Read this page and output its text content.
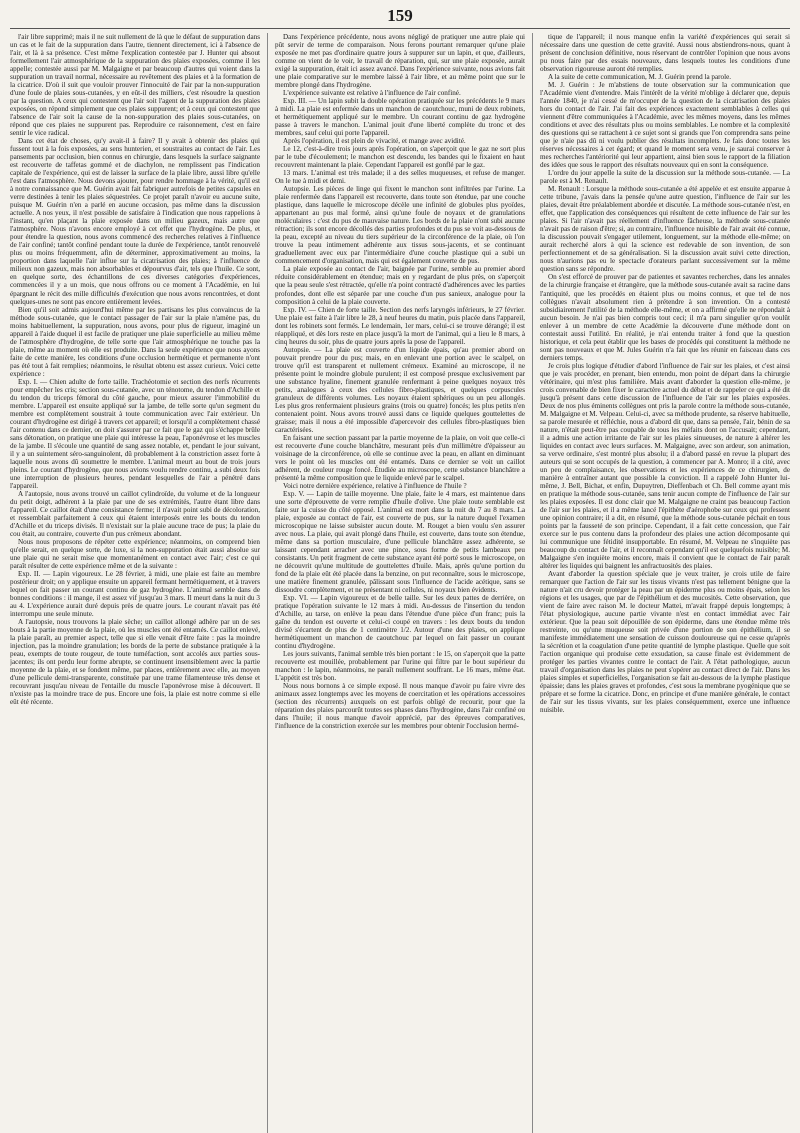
159

l'air libre supprimé; mais il ne suit nullement de là que le défaut de suppuration dans un cas et le fait de la suppuration dans l'autre, tiennent directement, ici à l'absence de l'air, et là à sa présence. C'est même l'explication contestée par J. Hunter qui absout formellement l'air atmosphérique de la suppuration des plaies exposées, comme il les appelle; contestée aussi par M. Malgaigne et par beaucoup d'autres qui voient dans la suppuration un travail normal, nécessaire au revêtement des plaies et à la formation de la cicatrice. D'où il suit que vouloir prouver l'innocuité de l'air par la non-suppuration d'une foule de plaies sous-cutanées, y en eût-il des milliers, c'est résoudre la question par la question. A ceux qui contestent que l'air soit l'agent de la suppuration des plaies exposées, on répond simplement que ces plaies suppurent; et à ceux qui contestent que l'absence de l'air soit la cause de la non-suppuration des plaies sous-cutanées, on répond que ces plaies ne suppurent pas. Reproduire ce raisonnement, c'est en faire sentir le vice radical.

Dans cet état de choses, qu'y avait-il à faire? Il y avait à obtenir des plaies qui fussent tout à la fois exposées, au sens hunterien, et soustraites au contact de l'air. Les pansements par occlusion, bien connus en chirurgie, dans lesquels la surface saignante est recouverte de taffetas gommé et de diachylon, ne remplissent pas l'indication capitale de l'expérience, qui est de laisser la surface de la plaie libre, aussi libre qu'elle l'est dans l'atmosphère. Nous devons ajouter, pour rendre hommage à la vérité, qu'il est à notre connaissance que M. Guérin avait fait fabriquer autrefois de petites capsules en verre destinées à tenir les plaies séquestrées. Ce projet paraît n'avoir eu aucune suite, puisque M. Guérin n'en a parlé en aucune occasion, pas même dans la discussion actuelle. A nos yeux, il n'est possible de satisfaire à l'indication que nous rappelions à l'instant, qu'en plaçant la plaie exposée dans un milieu gazeux, mais autre que l'atmosphère. Nous n'avons encore employé à cet effet que l'hydrogène. De plus, et pour étendre la question, nous avons commencé des recherches relatives à l'influence de l'air confiné; tantôt confiné pendant toute la durée de l'expérience, tantôt renouvelé plus ou moins fréquemment, afin de déterminer, approximativement au moins, la proportion dans laquelle l'air influe sur la cicatrisation des plaies; à l'influence de milieux non gazeux, mais non absorbables et dépourvus d'air, tels que l'huile. Ce sont, en quelque sorte, des échantillons de ces diverses catégories d'expériences, commencées il y a un mois, que nous offrons ou ce moment à l'Académie, en lui épargnant le récit des mille difficultés d'exécution que nous avons rencontrées, et dont quelques-unes ne sont pas encore entièrement levées.

Bien qu'il soit admis aujourd'hui même par les partisans les plus convaincus de la méthode sous-cutanée, que le contact passager de l'air sur la plaie n'amène pas, du moins habituellement, la suppuration, nous avons, pour plus de rigueur, imaginé un appareil à l'aide duquel il est facile de pratiquer une plaie superficielle au milieu même de l'atmosphère d'hydrogène, de telle sorte que l'air atmosphérique ne touche pas la plaie, même au moment où elle est produite. Dans la seule expérience que nous ayons faite de cette manière, les conditions d'une occlusion hermétique et permanente n'ont pas été tout à fait remplies; néanmoins, le résultat obtenu est assez curieux. Voici cette expérience :

Exp. I. — Chien adulte de forte taille. Trachéotomie et section des nerfs récurrents pour empêcher les cris; section sous-cutanée, avec un ténotome, du tendon d'Achille et du tendon du triceps fémoral du côté gauche, pour mieux assurer l'immobilité du membre. L'appareil est ensuite appliqué sur la jambe, de telle sorte qu'un segment du membre est complètement soustrait à toute communication avec l'air extérieur. Un courant d'hydrogène est dirigé à travers cet appareil; et lorsqu'il a complètement chassé l'air contenu dans ce dernier, on doit s'assurer par ce fait que le gaz qui s'échappe brûle sans détonation, on pratique une plaie qui intéresse la peau, l'aponévrose et les muscles de la jambe. Il s'écoule une quantité de sang assez notable, et, pendant le jour suivant, il y a un suintement séro-sanguinolent, dû probablement à la constriction assez forte à laquelle nous avons dû soumettre le membre. L'animal meurt au bout de trois jours pleins. Le courant d'hydrogène, que nous avions voulu rendre continu, a subi deux fois une interruption de plusieurs heures, pendant lesquelles de l'air a pénétré dans l'appareil.

A l'autopsie, nous avons trouvé un caillot cylindroïde, du volume et de la longueur du petit doigt, adhérent à la plaie par une de ses extrémités, l'autre étant libre dans l'appareil. Ce caillot était d'une consistance ferme; il n'avait point subi de décoloration, et ressemblait parfaitement à ceux qui étaient interposés entre les bouts du tendon d'Achille et du triceps divisés. Il n'existait sur la plaie aucune trace de pus; la plaie du cou était, au contraire, couverte d'un pus crémeux abondant.

Nous nous proposons de répéter cette expérience; néanmoins, on comprend bien qu'elle serait, en quelque sorte, de luxe, si la non-suppuration était aussi absolue sur une plaie qui ne serait mise que momentanément en contact avec l'air; c'est ce qui paraît résulter de cette expérience même et de la suivante :

Exp. II. — Lapin vigoureux. Le 28 février, à midi, une plaie est faite au membre postérieur droit; on y applique ensuite un appareil fermant hermétiquement, et à travers lequel on fait passer un courant continu de gaz hydrogène. L'animal semble dans de bonnes conditions : il mange, il est assez vif jusqu'au 3 mars. Il meurt dans la nuit du 3 au 4. L'expérience aurait duré depuis près de quatre jours. Le courant n'avait pas été interrompu une seule minute.

A l'autopsie, nous trouvons la plaie sèche; un caillot allongé adhère par un de ses bouts à la partie moyenne de la plaie, où les muscles ont été entamés. Ce caillot enlevé, la plaie paraît, au premier aspect, telle que si elle venait d'être faite : pas la moindre injection, pas la moindre granulation; les bords de la perte de substance pratiquée à la peau, exempts de toute rougeur, de toute tuméfaction, sont accolés aux parties sous-jacentes; ils ont perdu leur forme abrupte, se continuent insensiblement avec la partie moyenne de la plaie, et se fondent même, par places, entièrement avec elle, au moyen d'une pellicule demi-transparente, constituée par une trame filamenteuse très dense et recouvrant jusqu'au niveau de l'entaille du muscle l'aponévrose mise à découvert. Il n'existe pas la moindre trace de pus. Encore une fois, la plaie est notre comme si elle eût été récente.

Dans l'expérience précédente, nous avons négligé de pratiquer une autre plaie qui pût servir de terme de comparaison. Nous ferons pourtant remarquer qu'une plaie exposée ne met pas d'ordinaire quatre jours à suppurer sur un lapin, et que, d'ailleurs, comme on vient de le voir, le travail de réparation, qui, sur une plaie exposée, aurait exigé la suppuration, était ici assez avancé. Dans l'expérience suivante, nous avions fait une plaie comparative sur le membre laissé à l'air libre, et au même point que sur le membre plongé dans l'hydrogène.

L'expérience suivante est relative à l'influence de l'air confiné.

Exp. III. — Un lapin subit la double opération pratiquée sur les précédents le 9 mars à midi. La plaie est enfermée dans un manchon de caoutchouc, muni de deux robinets, et hermétiquement appliqué sur le membre. Un courant continu de gaz hydrogène passe à travers le manchon. L'animal jouit d'une liberté complète du tronc et des membres, sauf celui qui porte l'appareil.

Après l'opération, il est plein de vivacité, et mange avec avidité.

Le 12, c'est-à-dire trois jours après l'opération, on s'aperçoit que le gaz ne sort plus par le tube d'écoulement; le manchon est descendu, les bandes qui le fixaient en haut recouvrent maintenant la plaie. Cependant l'appareil est gonflé par le gaz.

13 mars. L'animal est très malade; il a des selles muqueuses, et refuse de manger. On le tue à midi et demi.

Autopsie. Les pièces de linge qui fixent le manchon sont infiltrées par l'urine. La plaie renfermée dans l'appareil est recouverte, dans toute son étendue, par une couche plastique, dans laquelle le microscope décèle une infinité de globules plus pyoïdes, appartenant au pus mal formé, ainsi qu'une foule de noyaux et de granulations moléculaires : c'est du pus de mauvaise nature. Les bords de la plaie n'ont subi aucune rétraction; ils sont encore décollés des parties profondes et du pus se voit au-dessous de la peau, excepté au niveau du tiers supérieur de la circonférence de la plaie, où l'on trouve la peau intimement adhérente aux tissus sous-jacents, et se continuant graduellement avec eux par l'intermédiaire d'une couche plastique qui a subi un commencement d'organisation, mais qui est également couverte de pus.

La plaie exposée au contact de l'air, baignée par l'urine, semble au premier abord réduite considérablement en étendue; mais en y regardant de plus près, on s'aperçoit que la peau seule s'est rétractée, qu'elle n'a point contracté d'adhérences avec les parties profondes, dont elle est séparée par une couche d'un pus sanieux, analogue pour la composition à celui de la plaie couverte.

Exp. IV. — Chien de forte taille. Section des nerfs laryngés inférieurs, le 27 février. Une plaie est faite à l'air libre le 28, à neuf heures du matin, puis placée dans l'appareil, dont les robinets sont fermés. Le lendemain, 1er mars, celui-ci se trouve dérangé; il est réappliqué, et dès lors reste en place jusqu'à la mort de l'animal, qui a lieu le 8 mars, à cinq heures du soir, plus de quatre jours après la pose de l'appareil.

Autopsie. — La plaie est couverte d'un liquide épais, qu'au premier abord on pouvait prendre pour du pus; mais, en en enlevant une portion avec le scalpel, on trouve qu'il est transparent et nullement crémeux. Examiné au microscope, il ne présente point le moindre globule purulent; il est composé presque exclusivement par une substance hyaline, finement granulée renfermant à peine quelques noyaux très petits, analogues à ceux des cellules fibro-plastiques, et quelques corpuscules granuleux de différents volumes. Les noyaux étaient sphériques ou un peu allongés. Les plus gros renfermaient plusieurs grains (trois ou quatre) foncés; les plus petits n'en contenaient point. Nous avons trouvé aussi dans ce liquide quelques gouttelettes de graisse; mais il nous a été impossible d'apercevoir des cellules fibro-plastiques bien caractérisées.

En faisant une section passant par la partie moyenne de la plaie, on voit que celle-ci est recouverte d'une couche blanchâtre, mesurant près d'un millimètre d'épaisseur au voisinage de la circonférence, où elle se continue avec la peau, en allant en diminuant vers le point où les muscles ont été entamés. Dans ce dernier se voit un caillot adhérent, de couleur rouge foncé. Étudiée au microscope, cette substance blanchâtre a présenté la même composition que le liquide enlevé par le scalpel.

Voici notre dernière expérience, relative à l'influence de l'huile ?

Exp. V. — Lapin de taille moyenne. Une plaie, faite le 4 mars, est maintenue dans une sorte d'éprouvette de verre remplie d'huile d'olive. Une plaie toute semblable est faite sur la cuisse du côté opposé. L'animal est mort dans la nuit du 7 au 8 mars. La plaie, exposée au contact de l'air, est couverte de pus, sur la nature duquel l'examen microscopique ne laisse subsister aucun doute. M. Rouget a bien voulu s'en assurer avec nous. La plaie, qui avait plongé dans l'huile, est couverte, dans toute son étendue, même dans sa portion musculaire, d'une pellicule blanchâtre assez adhérente, se laissant cependant arracher avec une pince, sous forme de petits lambeaux peu consistants. Un petit fragment de cette substance ayant été porté sous le microscope, on ne découvrit qu'une multitude de gouttelettes d'huile. Mais, après qu'une portion du fond de la plaie eût été placée dans la benzine, on put reconnaître, sous le microscope, une matière finement granulée, pâlissant sous l'influence de l'acide acétique, sans se dissoudre complètement, et ne présentant ni cellules, ni noyaux bien évidents.

Exp. VI. — Lapin vigoureux et de belle taille. Sur les deux pattes de derrière, on pratique l'opération suivante le 12 mars à midi. Au-dessus de l'insertion du tendon d'Achille, au tarse, on enlève la peau dans l'étendue d'une pièce d'un franc; puis la gaîne du tendon est ouverte et celui-ci coupé en travers : les deux bouts du tendon divisé s'écartent de plus de 1 centimètre 1/2. Autour d'une des plaies, on applique hermétiquement un manchon de caoutchouc par lequel on fait passer un courant continu d'hydrogène.

Les jours suivants, l'animal semble très bien portant : le 15, on s'aperçoit que la patte recouverte est mouillée, probablement par l'urine qui filtre par le bout supérieur du manchon : le lapin, néanmoins, ne paraît nullement souffrant. Le 16 mars, même état. L'appétit est très bon.

Nous nous bornons à ce simple exposé. Il nous manque d'avoir pu faire vivre des animaux assez longtemps avec les moyens de coercitation et les opérations accessoires (section des récurrents) auxquels on est parfois obligé de recourir, pour que la réparation des plaies parcourût toutes ses phases dans l'hydrogène, dans l'air confiné ou dans l'huile; il nous manque d'avoir apprécié, par des épreuves comparatives, l'influence de la constriction exercée sur les membres pour obtenir l'occlusion hermé-

tique de l'appareil; il nous manque enfin la variété d'expériences qui serait si nécessaire dans une question de cette gravité. Aussi nous abstiendrons-nous, quant à présent de conclusion définitive, nous réservant de contrôler l'opinion que nous avons pu nous faire par des essais nouveaux, dans lesquels toutes les conditions d'une observation rigoureuse auront été remplies.

A la suite de cette communication, M. J. Guérin prend la parole.

M. J. Guérin : Je m'abstiens de toute observation sur la communication que l'Académie vient d'entendre. Mais l'intérêt de la vérité m'oblige à déclarer que, depuis l'année 1840, je n'ai cessé de m'occuper de la question de la cicatrisation des plaies hors du contact de l'air. J'ai fait des expériences exactement semblables à celles qui viennent d'être communiquées à l'Académie, avec les mêmes moyens, dans les mêmes conditions et avec des résultats plus ou moins semblables. Le nombre et la complexité des questions qui se rattachent à ce sujet sont si grands que l'on comprendra sans peine que je n'aie pas dû ni voulu publier des résultats incomplets. Je fais donc toutes les réserves nécessaires à cet égard; et quand le moment sera venu, je saurai conserver à mes recherches l'antériorité qui leur appartient, ainsi bien sous le rapport de la filiation des idées que sous le rapport des résultats nouveaux qui en sont la conséquence.

L'ordre du jour appelle la suite de la discussion sur la méthode sous-cutanée. — La parole est à M. Renault.

M. Renault : Lorsque la méthode sous-cutanée a été appelée et est ensuite apparue à cette tribune, j'avais dans la pensée qu'une autre question, l'influence de l'air sur les plaies, devait être préalablement abordée et discutée. La méthode sous-cutanée n'est, en effet, que l'application des conséquences qui résultent de cette influence de l'air sur les plaies. Si l'air n'avait pas réellement d'influence fâcheuse, la méthode sous-cutanée n'avait pas de raison d'être; si, au contraire, l'influence nuisible de l'air avait été connue, la discussion pouvait s'engager utilement, longuement, sur la méthode elle-même; on aurait recherché alors à qui la science est redevable de son invention, de son perfectionnement et de sa généralisation. Si la discussion avait suivi cette direction, nous n'aurions pas eu le spectacle d'orateurs parlant successivement sur la même question sans se répondre.

On s'est efforcé de prouver par de patientes et savantes recherches, dans les annales de la chirurgie française et étrangère, que la méthode sous-cutanée avait sa racine dans l'antiquité, que les procédés en étaient plus ou moins connus, et que tel de nos collègues n'avait absolument rien à prétendre à son invention. On a contesté subsidiairement l'utilité de la méthode elle-même, et on a affirmé qu'elle ne répondait à aucun besoin. Je n'ai pas bien compris tout ceci; il m'a paru singulier qu'on voulût enlever à un membre de cette Académie la découverte d'une méthode dont on contestait aussi l'utilité. En réalité, je n'ai entendu traiter à fond que la question historique, et cela peut établir que les bases de procédés qui constituent la méthode ne sont pas nouveaux et que M. Jules Guérin n'a fait que les réunir en faisceau dans ces derniers temps.

Je crois plus logique d'étudier d'abord l'influence de l'air sur les plaies, et c'est ainsi que je vais procéder, en prenant, bien entendu, mon point de départ dans la chirurgie vétérinaire, qui m'est plus familière. Mais avant d'aborder la question elle-même, je crois convenable de bien fixer le caractère actuel du débat et de rappeler ce qui a été dit jusqu'à présent dans cette discussion de l'influence de l'air sur les plaies exposées. Deux de nos plus éminents collègues ont pris la parole contre la méthode sous-cutanée, M. Malgaigne et M. Velpeau. Celui-ci, avec sa méthode prudente, sa réserve habituelle, sa parole mesurée et réfléchie, nous a d'abord dit que, dans sa pensée, l'air, bénin de sa nature, n'était peut-être pas coupable de tous les méfaits dont on l'accusait; cependant, il a admis une action irritante de l'air sur les plaies sinueuses, de nature à altérer les liquides en contact avec leurs surfaces. M. Malgaigne, avec son ardeur, son animation, sa verve ordinaire, s'est montré plus absolu; il a d'abord passé en revue la plupart des auteurs qui se sont occupés de la question, à commencer par A. Monro; il a cité, avec un peu de complaisance, les observations et les expériences de ce chirurgien, de manière à entraîner autant que possible la conviction. Il a rappelé John Hunter lui-même, J. Bell, Bichat, et enfin, Dupuytren, Dieffenbach et Ch. Bell comme ayant mis en pratique la méthode sous-cutanée, sans tenir aucun compte de l'influence de l'air sur les plaies exposées. Il est donc clair que M. Malgaigne ne craint pas beaucoup l'action de l'air sur les plaies, et il a même lancé l'épithète d'aérophobe sur ceux qui professent une opinion contraire; il a dit, en résumé, que la méthode sous-cutanée péchait en tous points par la fausseté de son principe. Cependant, il a fait cette concession, que l'air exerce sur le pus contenu dans la profondeur des plaies une action décomposante qui lui communique une fétidité insupportable. En résumé, M. Velpeau ne s'inquiète pas beaucoup du contact de l'air, et il reconnaît cependant qu'il est quelquefois nuisible; M. Malgaigne s'en inquiète moins encore, mais il convient que le contact de l'air paraît altérer les liquides qui baignent les anfractuosités des plaies.

Avant d'aborder la question spéciale que je veux traiter, je crois utile de faire remarquer que l'action de l'air sur les tissus vivants n'est pas tellement bénigne que la nature n'ait cru devoir protéger la peau par un épiderme plus ou moins épais, selon les régions et les usages, que par de l'épithélium et des mucosités. Cette observation, que vient de faire avec raison M. le docteur Mattei, m'avait frappé depuis longtemps; à l'état physiologique, aucune partie vivante n'est en contact immédiat avec l'air extérieur. Que la peau soit dépouillée de son épiderme, dans une étendue même très restreinte, ou qu'une muqueuse soit privée d'une portion de son épithélium, il se manifeste immédiatement une sensation de cuisson douloureuse qui ne cesse qu'après la sécrétion et la coagulation d'une petite quantité de lymphe plastique. Quelle que soit l'action organique qui produise cette exsudation, sa cause finale est évidemment de protéger les parties vivantes contre le contact de l'air. A l'état pathologique, aucun travail d'organisation dans les plaies ne peut s'opérer au contact direct de l'air. Dans les plaies simples et superficielles, l'organisation se fait au-dessous de la lymphe plastique épaissie; dans les plaies graves et profondes, c'est sous la membrane pyogénique que se prépare et se forme la cicatrice. Donc, en principe et d'une manière générale, le contact de l'air sur les tissus vivants, sur les plaies conséquemment, exerce une influence nuisible.
